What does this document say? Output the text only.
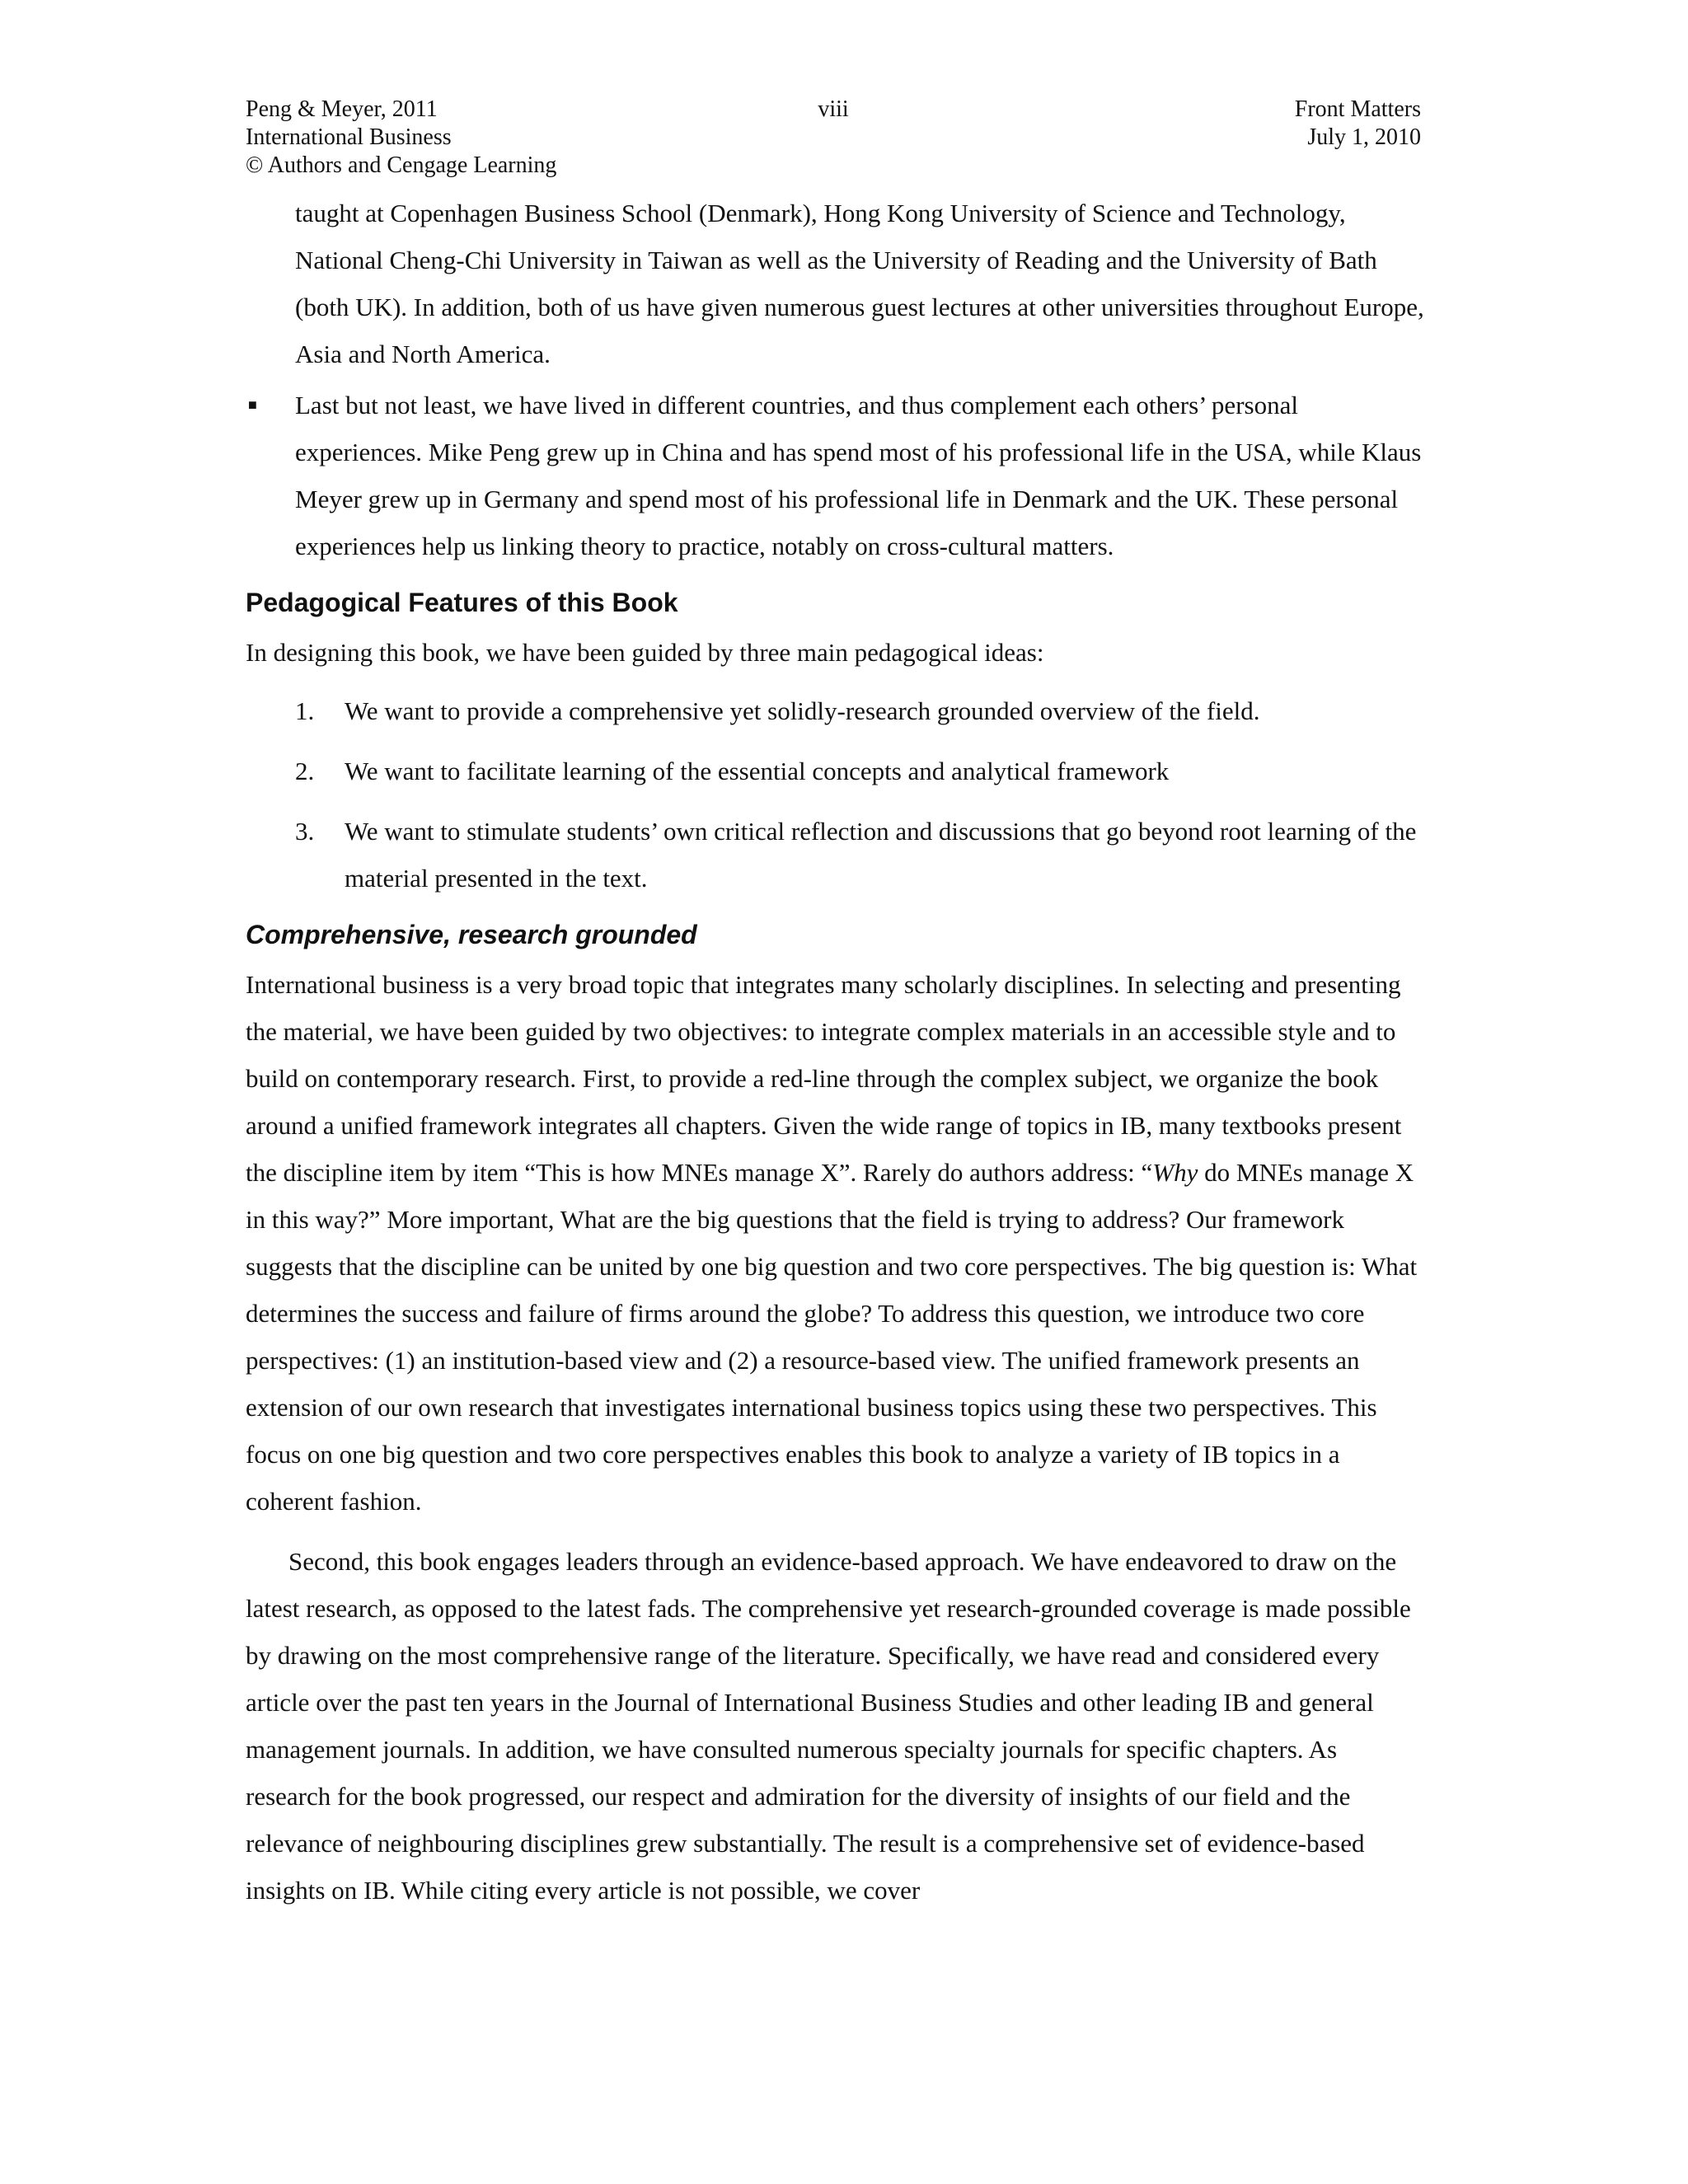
Peng & Meyer, 2011	viii	Front Matters
International Business	July 1, 2010
© Authors and Cengage Learning

taught at Copenhagen Business School (Denmark), Hong Kong University of Science and Technology, National Cheng-Chi University in Taiwan as well as the University of Reading and the University of Bath (both UK). In addition, both of us have given numerous guest lectures at other universities throughout Europe, Asia and North America.

■ Last but not least, we have lived in different countries, and thus complement each others’ personal experiences. Mike Peng grew up in China and has spend most of his professional life in the USA, while Klaus Meyer grew up in Germany and spend most of his professional life in Denmark and the UK. These personal experiences help us linking theory to practice, notably on cross-cultural matters.
Pedagogical Features of this Book

In designing this book, we have been guided by three main pedagogical ideas:

1. We want to provide a comprehensive yet solidly-research grounded overview of the field.
2. We want to facilitate learning of the essential concepts and analytical framework
3. We want to stimulate students’ own critical reflection and discussions that go beyond root learning of the material presented in the text.
Comprehensive, research grounded

International business is a very broad topic that integrates many scholarly disciplines. In selecting and presenting the material, we have been guided by two objectives: to integrate complex materials in an accessible style and to build on contemporary research. First, to provide a red-line through the complex subject, we organize the book around a unified framework integrates all chapters. Given the wide range of topics in IB, many textbooks present the discipline item by item “This is how MNEs manage X”. Rarely do authors address: “Why do MNEs manage X in this way?” More important, What are the big questions that the field is trying to address? Our framework suggests that the discipline can be united by one big question and two core perspectives. The big question is: What determines the success and failure of firms around the globe? To address this question, we introduce two core perspectives: (1) an institution-based view and (2) a resource-based view. The unified framework presents an extension of our own research that investigates international business topics using these two perspectives. This focus on one big question and two core perspectives enables this book to analyze a variety of IB topics in a coherent fashion.

Second, this book engages leaders through an evidence-based approach. We have endeavored to draw on the latest research, as opposed to the latest fads. The comprehensive yet research-grounded coverage is made possible by drawing on the most comprehensive range of the literature. Specifically, we have read and considered every article over the past ten years in the Journal of International Business Studies and other leading IB and general management journals. In addition, we have consulted numerous specialty journals for specific chapters. As research for the book progressed, our respect and admiration for the diversity of insights of our field and the relevance of neighbouring disciplines grew substantially. The result is a comprehensive set of evidence-based insights on IB. While citing every article is not possible, we cover
